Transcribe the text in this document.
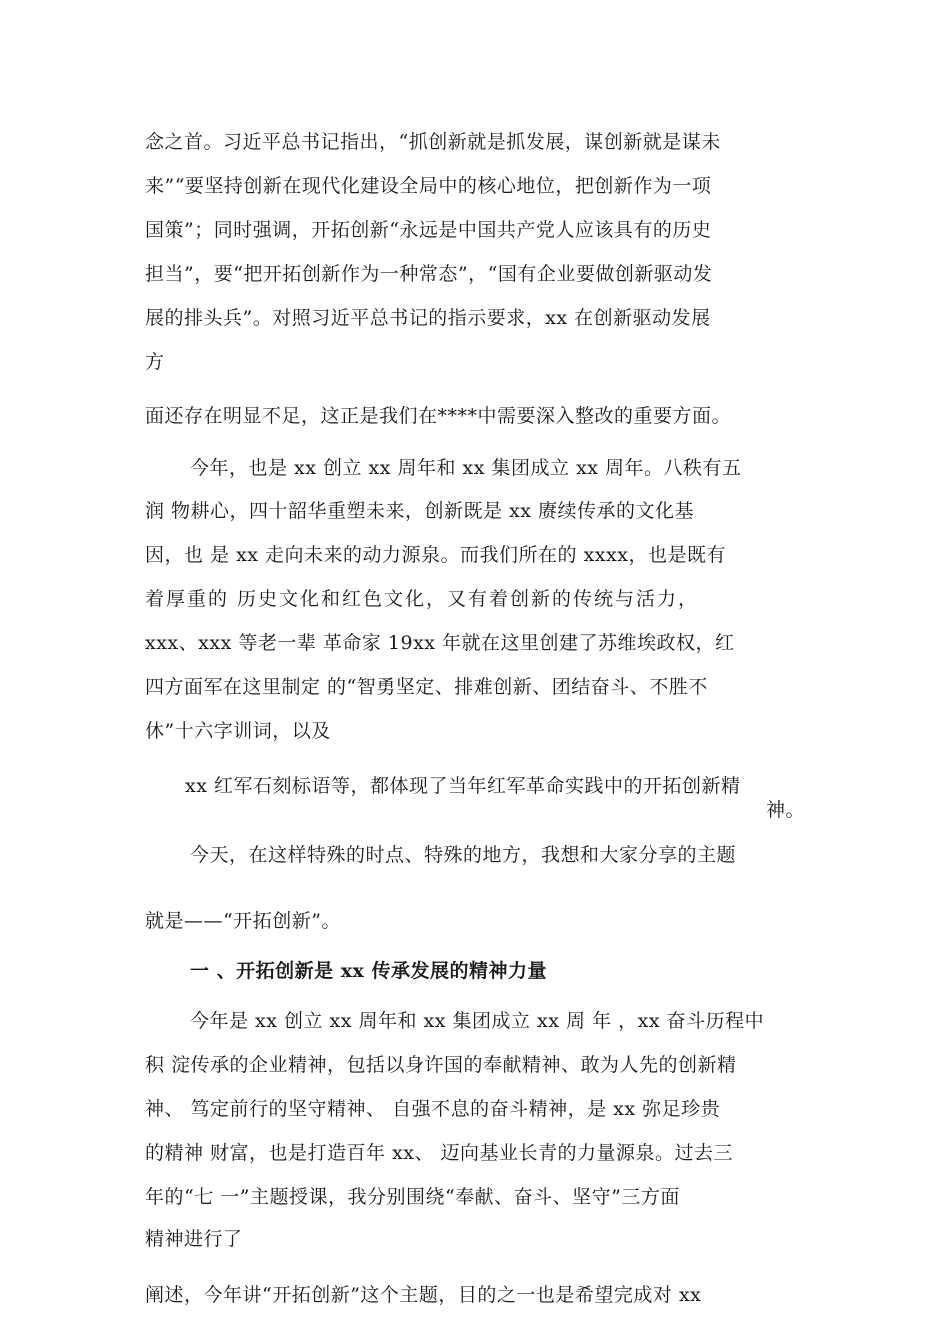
念之首。习近平总书记指出，“抓创新就是抓发展，谋创新就是谋未
来”“要坚持创新在现代化建设全局中的核心地位，把创新作为一项
国策”；同时强调，开拓创新“永远是中国共产党人应该具有的历史
担当”，要“把开拓创新作为一种常态”，“国有企业要做创新驱动发
展的排头兵”。对照习近平总书记的指示要求，xx 在创新驱动发展
方
面还存在明显不足，这正是我们在****中需要深入整改的重要方面。
今年，也是 xx 创立 xx 周年和 xx 集团成立 xx 周年。八秩有五
润 物耕心，四十韶华重塑未来，创新既是 xx 赓续传承的文化基
因，也 是 xx 走向未来的动力源泉。而我们所在的 xxxx，也是既有
着厚重的 历史文化和红色文化，又有着创新的传统与活力，
xxx、xxx 等老一辈 革命家 19xx 年就在这里创建了苏维埃政权，红
四方面军在这里制定 的“智勇坚定、排难创新、团结奋斗、不胜不
休”十六字训词，以及
xx 红军石刻标语等，都体现了当年红军革命实践中的开拓创新精
神。
今天，在这样特殊的时点、特殊的地方，我想和大家分享的主题
就是——“开拓创新”。
一 、开拓创新是 xx 传承发展的精神力量
今年是 xx 创立 xx 周年和 xx 集团成立 xx 周 年 ，xx 奋斗历程中
积 淀传承的企业精神，包括以身许国的奉献精神、敢为人先的创新精
神、 笃定前行的坚守精神、 自强不息的奋斗精神，是 xx 弥足珍贵
的精神 财富，也是打造百年 xx、 迈向基业长青的力量源泉。过去三
年的“七 一”主题授课，我分别围绕“奉献、奋斗、坚守”三方面
精神进行了
阐述，今年讲“开拓创新”这个主题，目的之一也是希望完成对 xx
